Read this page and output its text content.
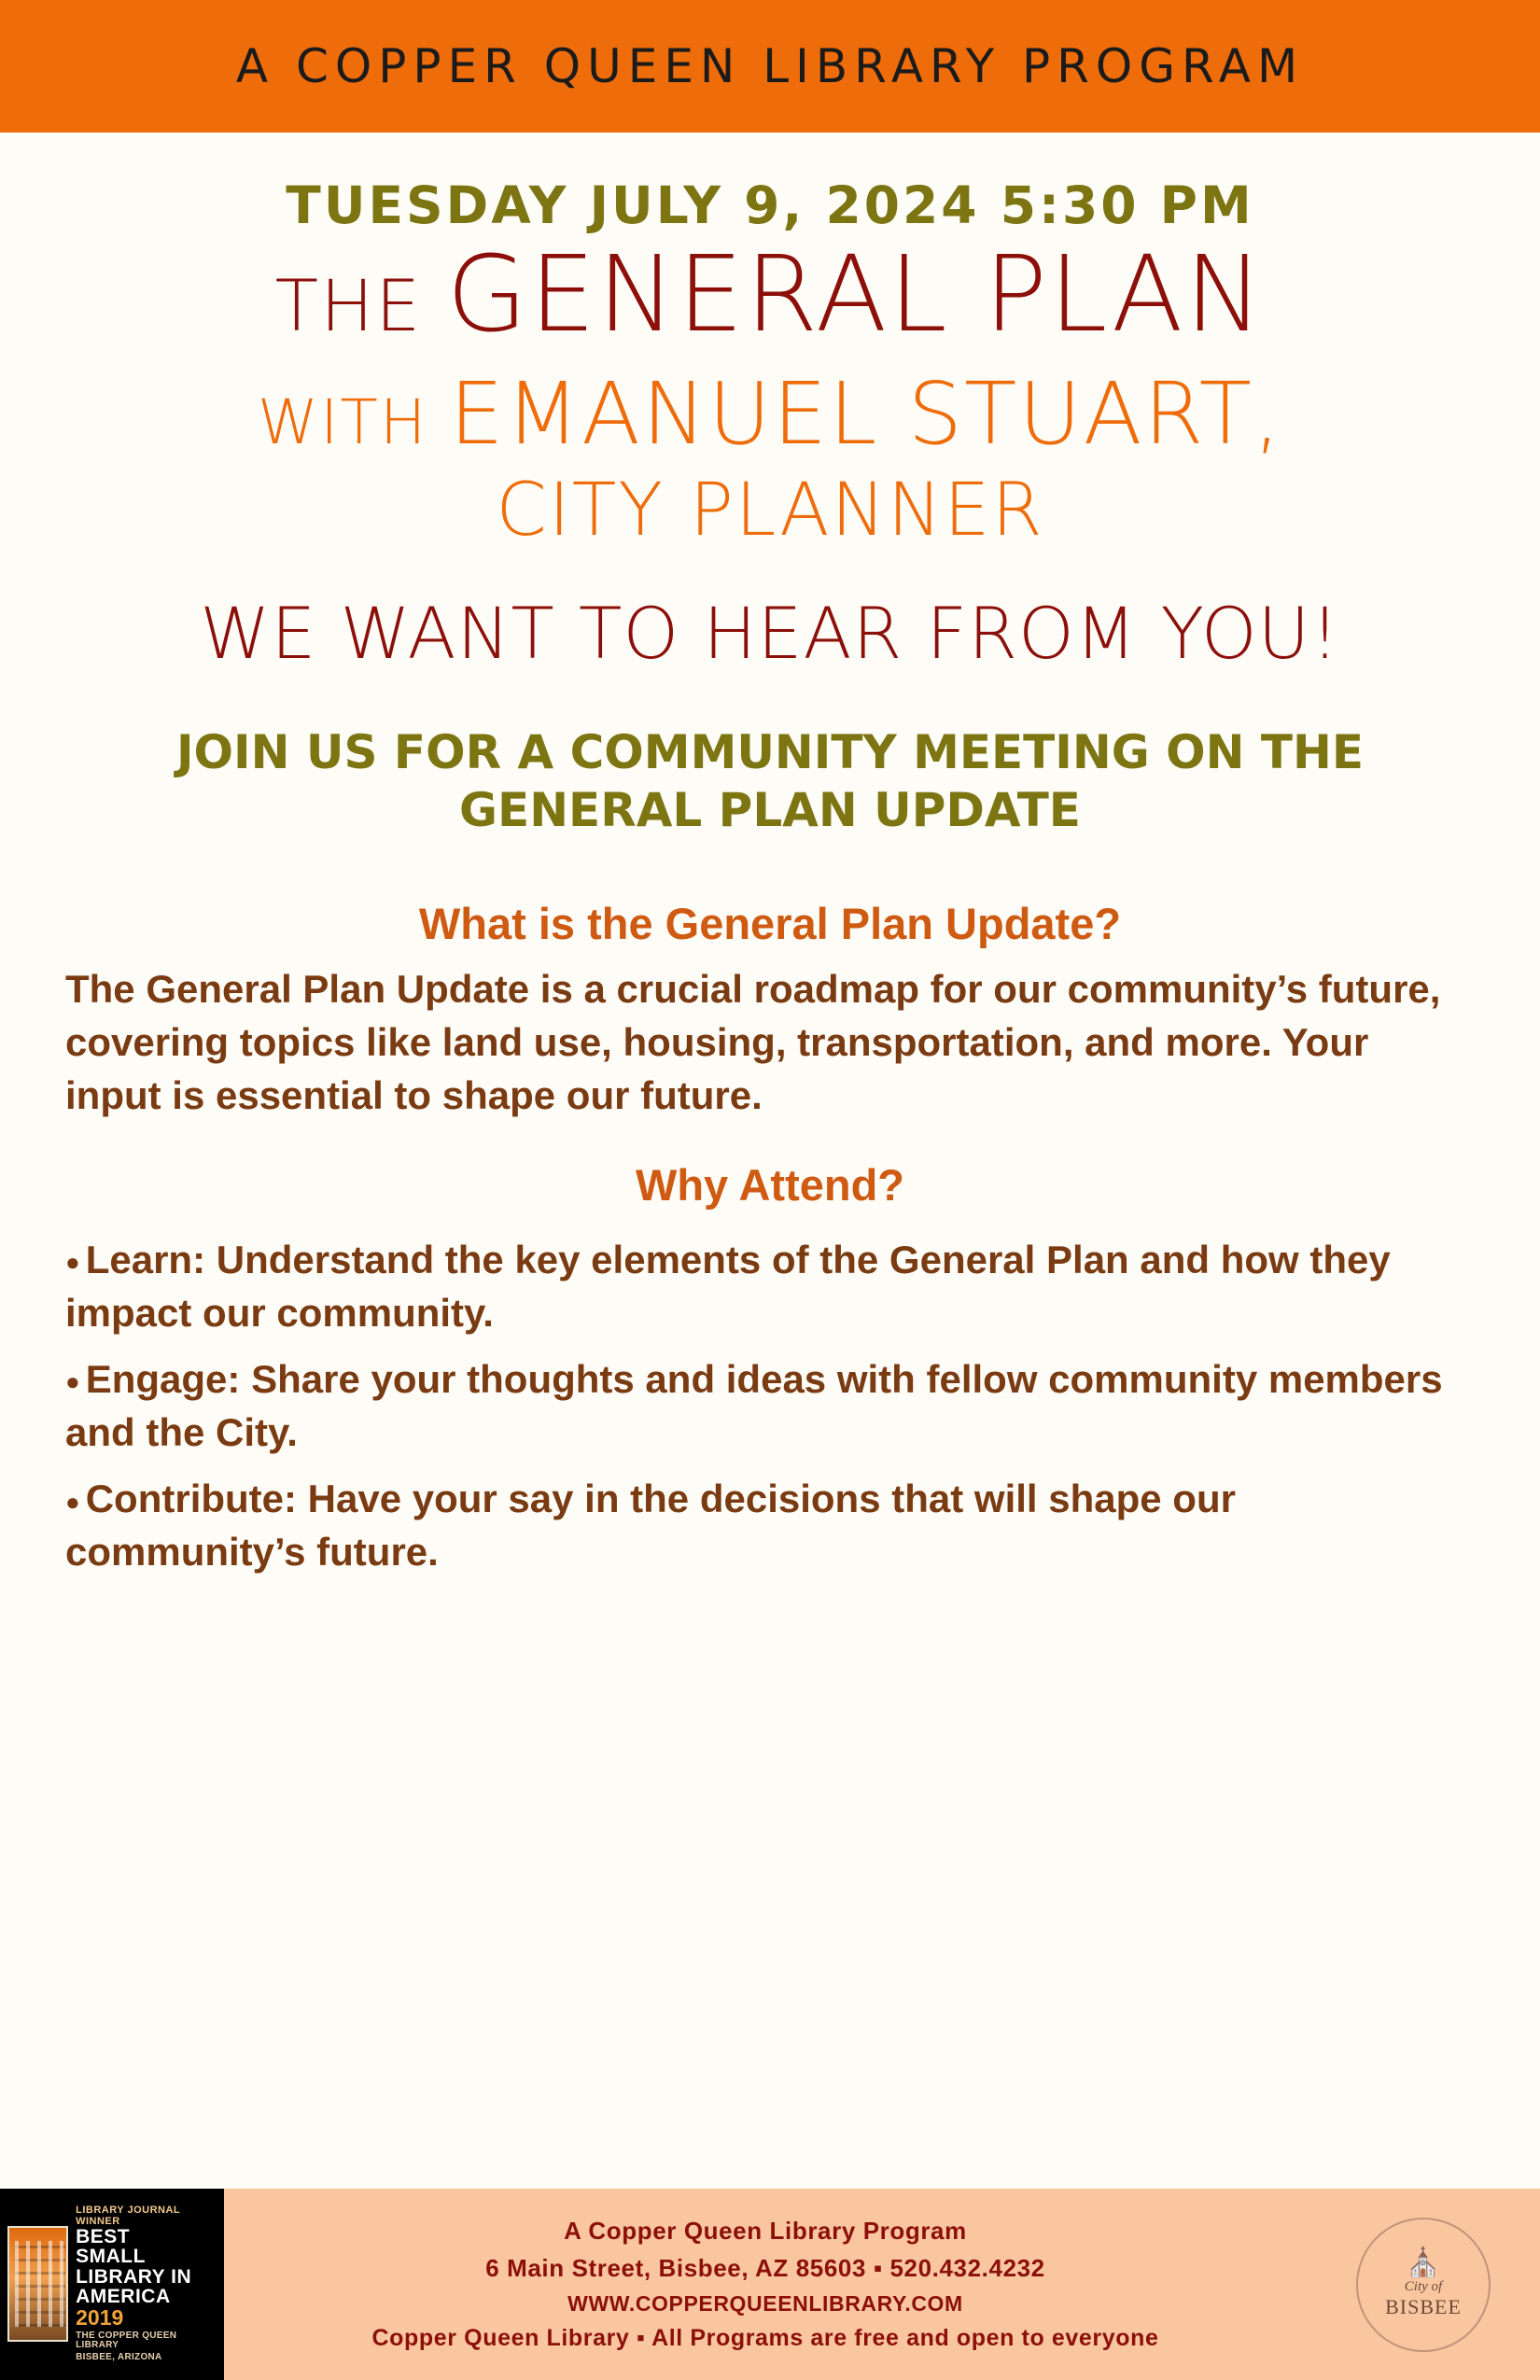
A COPPER QUEEN LIBRARY PROGRAM
TUESDAY JULY 9, 2024 5:30 PM
THE GENERAL PLAN
WITH EMANUEL STUART,
CITY PLANNER
WE WANT TO HEAR FROM YOU!
JOIN US FOR A COMMUNITY MEETING ON THE GENERAL PLAN UPDATE
What is the General Plan Update?
The General Plan Update is a crucial roadmap for our community’s future, covering topics like land use, housing, transportation, and more. Your input is essential to shape our future.
Why Attend?
● Learn: Understand the key elements of the General Plan and how they impact our community.
● Engage: Share your thoughts and ideas with fellow community members and the City.
● Contribute: Have your say in the decisions that will shape our community’s future.
LIBRARY JOURNAL WINNER
BEST
SMALL
LIBRARY IN
AMERICA
2019
THE COPPER QUEEN LIBRARY
BISBEE, ARIZONA
A Copper Queen Library Program
6 Main Street, Bisbee, AZ 85603 ▪ 520.432.4232
WWW.COPPERQUEENLIBRARY.COM
Copper Queen Library ▪ All Programs are free and open to everyone
⛪
City of
BISBEE
